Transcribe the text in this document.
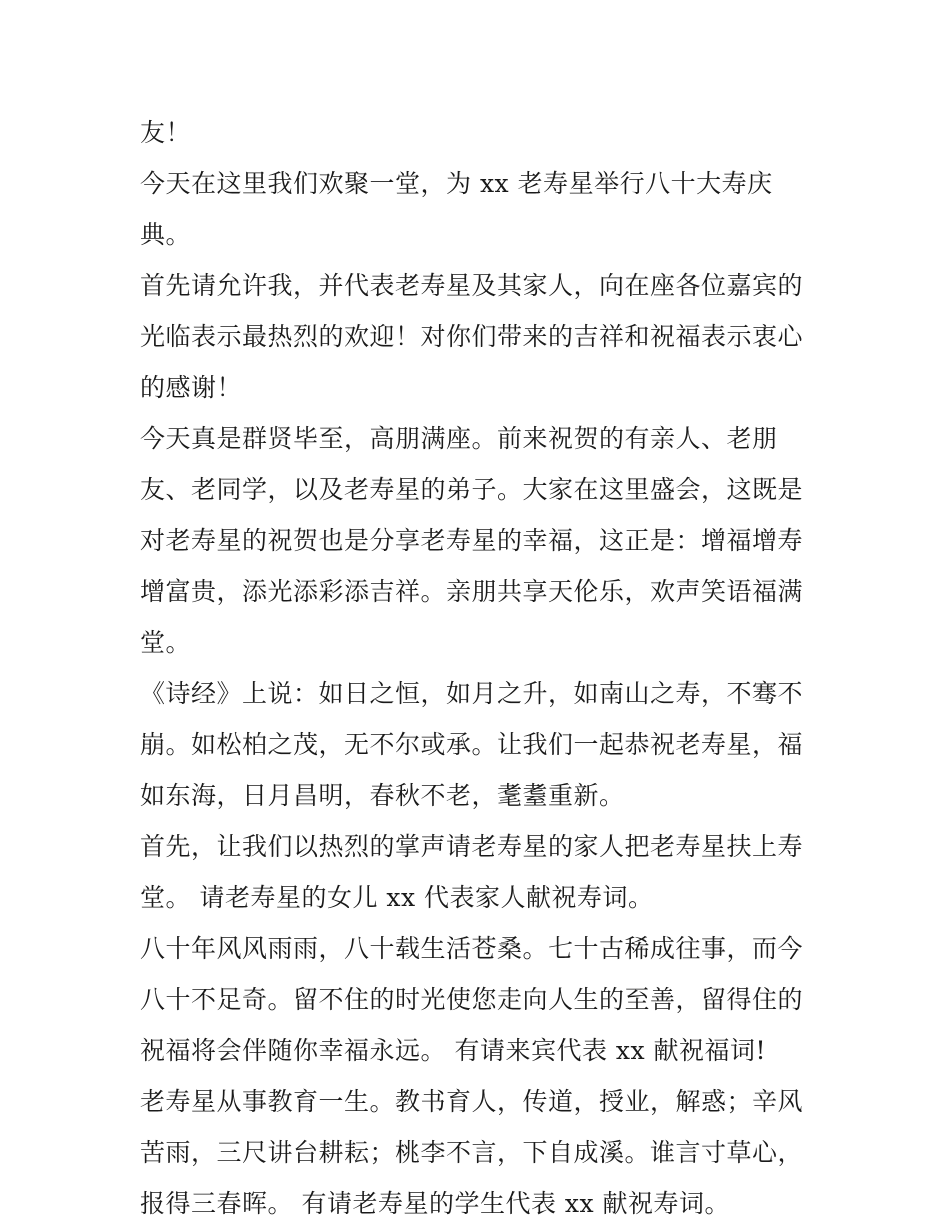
友！

今天在这里我们欢聚一堂，为 xx 老寿星举行八十大寿庆典。

首先请允许我，并代表老寿星及其家人，向在座各位嘉宾的光临表示最热烈的欢迎！对你们带来的吉祥和祝福表示衷心的感谢！

今天真是群贤毕至，高朋满座。前来祝贺的有亲人、老朋友、老同学，以及老寿星的弟子。大家在这里盛会，这既是对老寿星的祝贺也是分享老寿星的幸福，这正是：增福增寿增富贵，添光添彩添吉祥。亲朋共享天伦乐，欢声笑语福满堂。

《诗经》上说：如日之恒，如月之升，如南山之寿，不骞不崩。如松柏之茂，无不尔或承。让我们一起恭祝老寿星，福如东海，日月昌明，春秋不老，耄耋重新。

首先，让我们以热烈的掌声请老寿星的家人把老寿星扶上寿堂。 请老寿星的女儿 xx 代表家人献祝寿词。

八十年风风雨雨，八十载生活苍桑。七十古稀成往事，而今八十不足奇。留不住的时光使您走向人生的至善，留得住的祝福将会伴随你幸福永远。 有请来宾代表 xx 献祝福词!

老寿星从事教育一生。教书育人，传道，授业，解惑；辛风苦雨，三尺讲台耕耘；桃李不言，下自成溪。谁言寸草心，报得三春晖。 有请老寿星的学生代表 xx 献祝寿词。
